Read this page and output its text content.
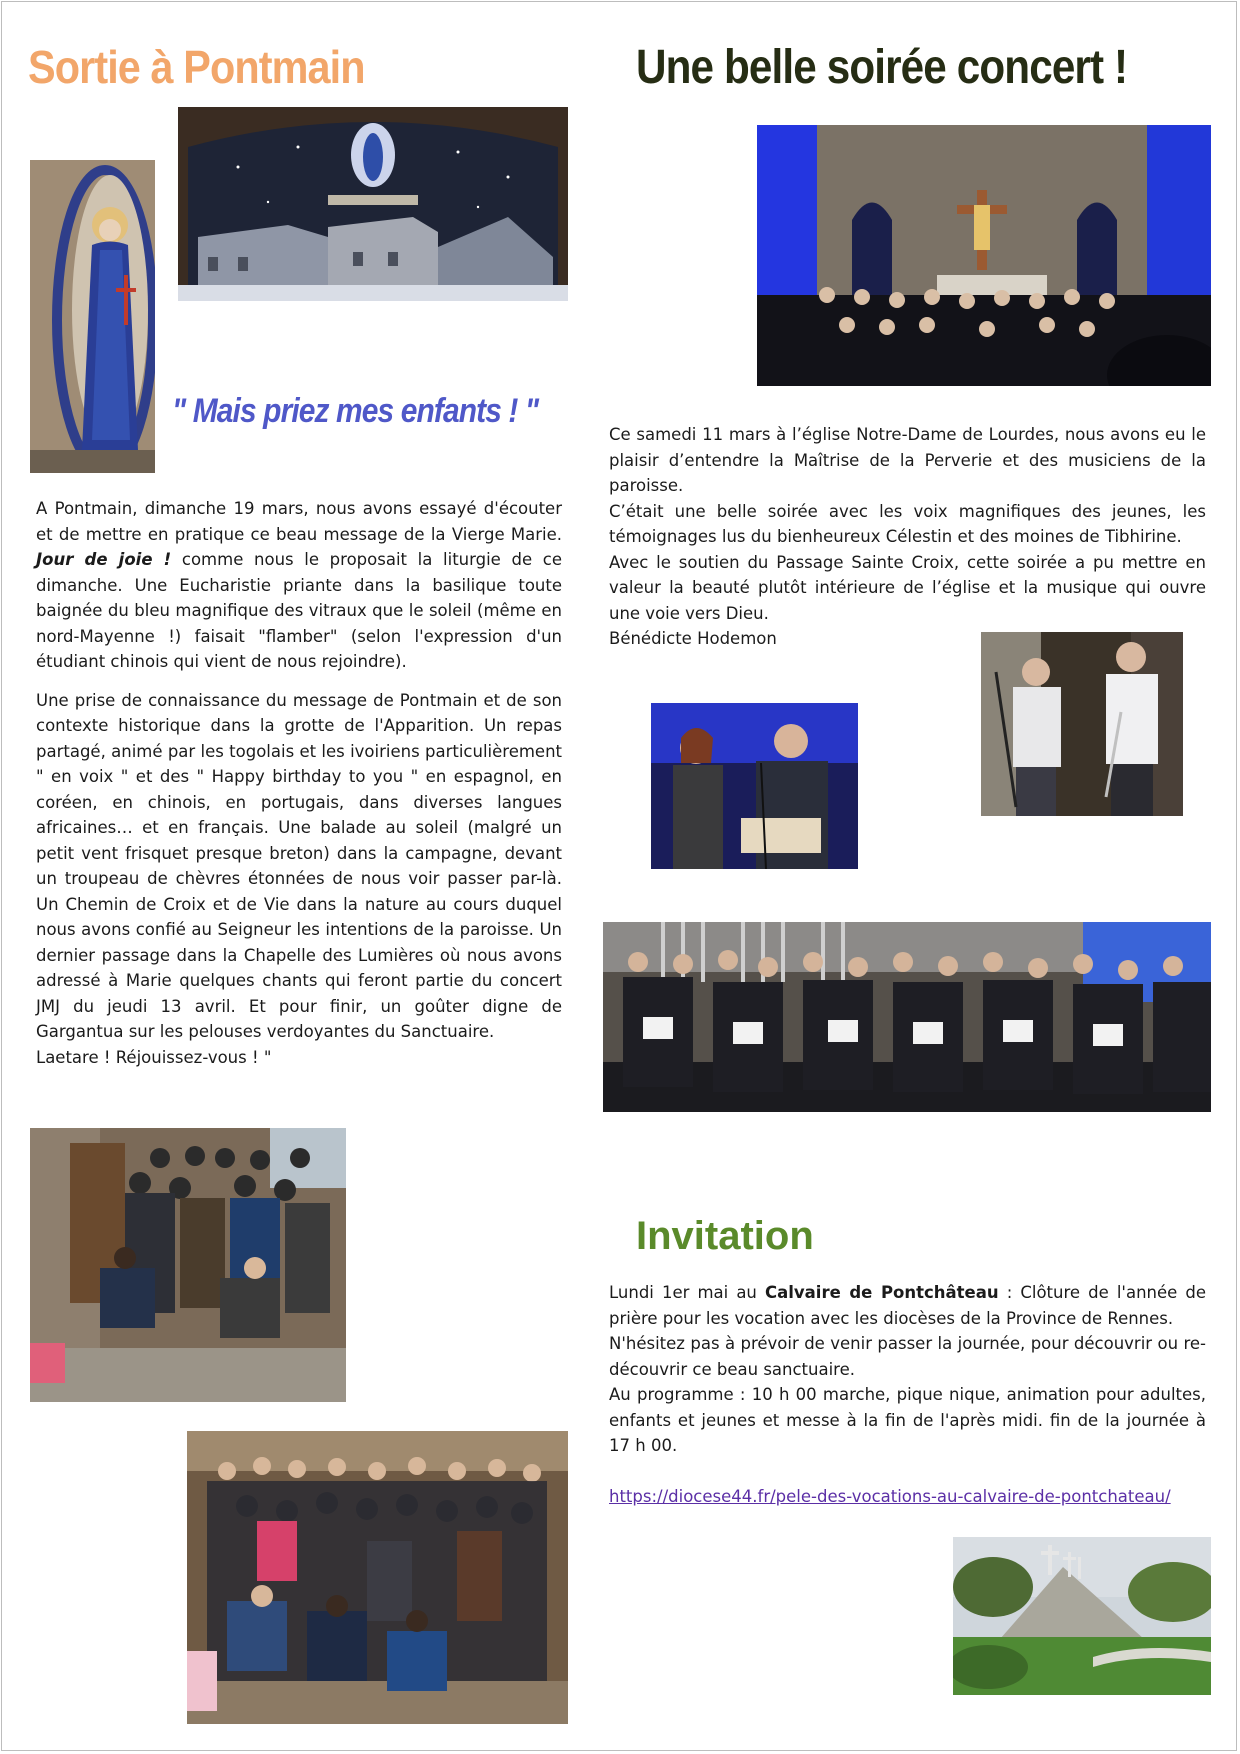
Sortie à Pontmain
" Mais priez mes enfants ! "

A Pontmain, dimanche 19 mars, nous avons essayé d'écouter et de mettre en pratique ce beau message de la Vierge Marie. Jour de joie ! comme nous le proposait la liturgie de ce dimanche. Une Eucharistie priante dans la basilique toute baignée du bleu magnifique des vitraux que le soleil (même en nord-Mayenne !) faisait "flamber" (selon l'expression d'un étudiant chinois qui vient de nous rejoindre).

Une prise de connaissance du message de Pontmain et de son contexte historique dans la grotte de l'Apparition. Un repas partagé, animé par les togolais et les ivoiriens particulièrement " en voix " et des " Happy birthday to you " en espagnol, en coréen, en chinois, en portugais, dans diverses langues africaines… et en français. Une balade au soleil (malgré un petit vent frisquet presque breton) dans la campagne, devant un troupeau de chèvres étonnées de nous voir passer par-là. Un Chemin de Croix et de Vie dans la nature au cours duquel nous avons confié au Seigneur les intentions de la paroisse. Un dernier passage dans la Chapelle des Lumières où nous avons adressé à Marie quelques chants qui feront partie du concert JMJ du jeudi 13 avril. Et pour finir, un goûter digne de Gargantua sur les pelouses verdoyantes du Sanctuaire.

Laetare ! Réjouissez-vous ! "

Une belle soirée concert !

Ce samedi 11 mars à l’église Notre-Dame de Lourdes, nous avons eu le plaisir d’entendre la Maîtrise de la Perverie et des musiciens de la paroisse.

C’était une belle soirée avec les voix magnifiques des jeunes, les témoignages lus du bienheureux Célestin et des moines de Tibhirine.

Avec le soutien du Passage Sainte Croix, cette soirée a pu mettre en valeur la beauté plutôt intérieure de l’église et la musique qui ouvre une voie vers Dieu.

Bénédicte Hodemon

Invitation

Lundi 1er mai au Calvaire de Pontchâteau : Clôture de l'année de prière pour les vocation avec les diocèses de la Province de Rennes.

N'hésitez pas à prévoir de venir passer la journée, pour découvrir ou re-découvrir ce beau sanctuaire.

Au programme : 10 h 00 marche, pique nique, animation pour adultes, enfants et jeunes et messe à la fin de l'après midi. fin de la journée à 17 h 00.

https://diocese44.fr/pele-des-vocations-au-calvaire-de-pontchateau/
